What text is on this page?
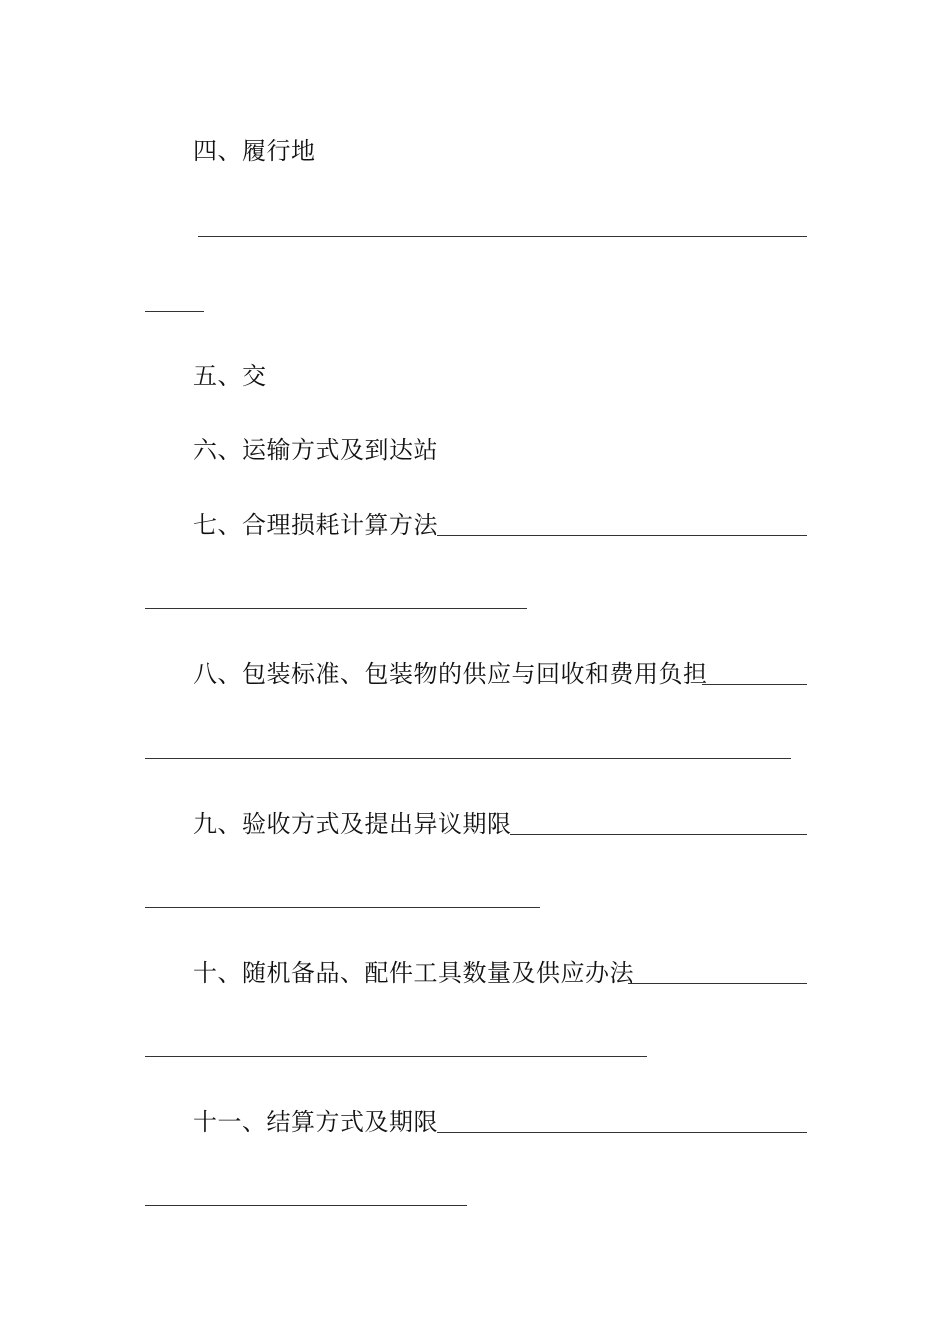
四、履行地
五、交
六、运输方式及到达站
七、合理损耗计算方法
八、包装标准、包装物的供应与回收和费用负担
九、验收方式及提出异议期限
十、随机备品、配件工具数量及供应办法
十一、结算方式及期限
